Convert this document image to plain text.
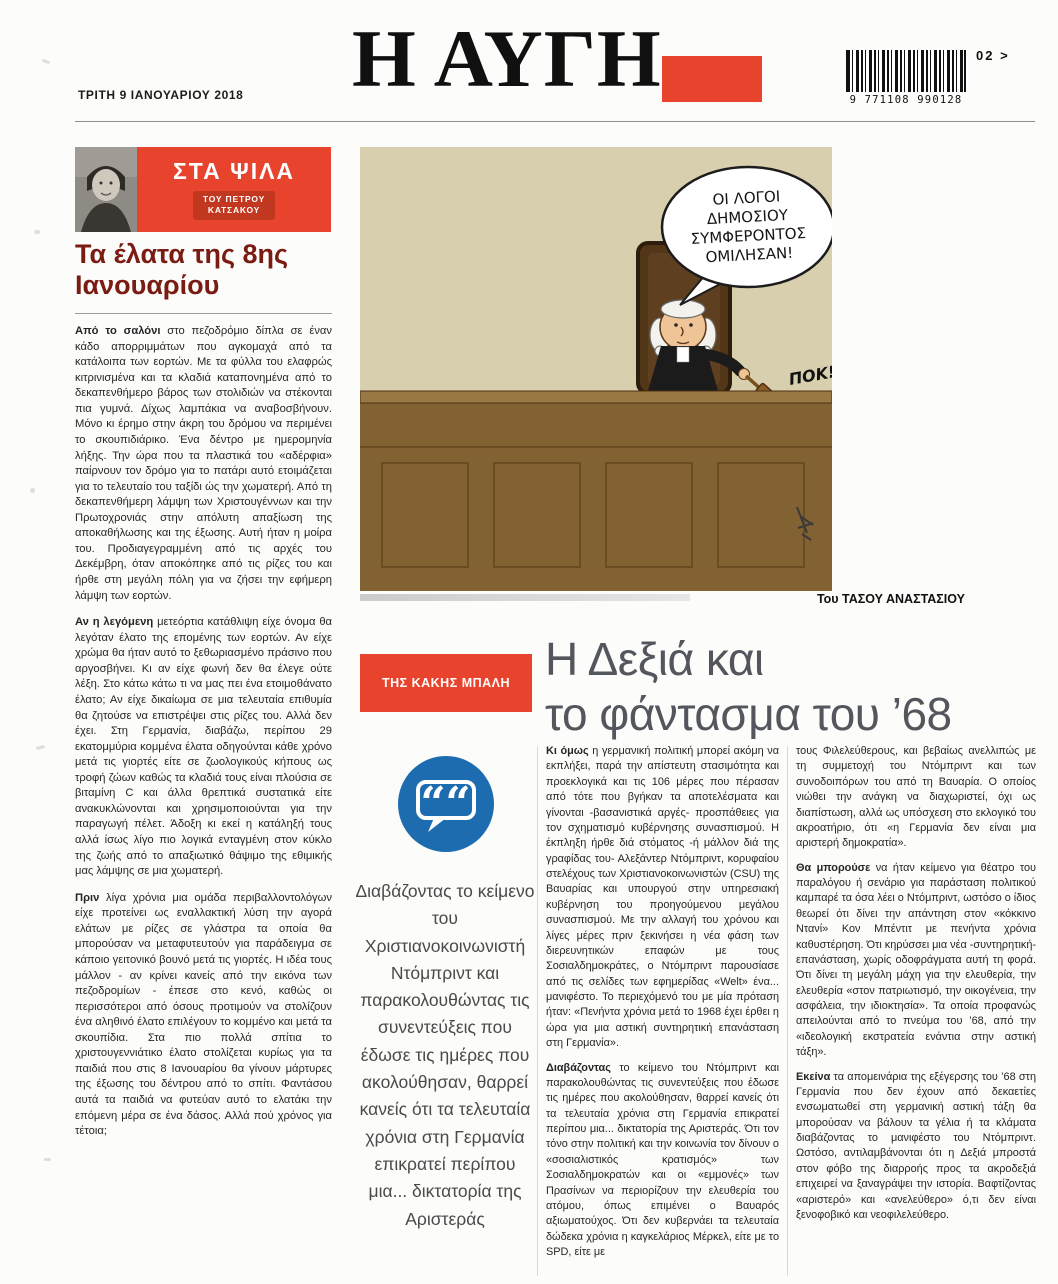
ΤΡΙΤΗ 9 ΙΑΝΟΥΑΡΙΟΥ 2018 Η ΑΥΓΗ	9 771108 990128
02 >
ΣΤΑ ΨΙΛΑ
ΤΟΥ ΠΕΤΡΟΥ
ΚΑΤΣΑΚΟΥ
Τα έλατα της 8ης Ιανουαρίου

Από το σαλόνι στο πεζοδρόμιο δίπλα σε έναν κάδο απορριμμάτων που αγκομαχά από τα κατάλοιπα των εορτών. Με τα φύλλα του ελαφρώς κιτρινισμένα και τα κλαδιά καταπονημένα από το δεκαπενθήμερο βάρος των στολιδιών να στέκονται πια γυμνά. Δίχως λαμπάκια να αναβοσβήνουν. Μόνο κι έρημο στην άκρη του δρόμου να περιμένει το σκουπιδιάρικο. Ένα δέντρο με ημερομηνία λήξης. Την ώρα που τα πλαστικά του «αδέρφια» παίρνουν τον δρόμο για το πατάρι αυτό ετοιμάζεται για το τελευταίο του ταξίδι ώς την χωματερή. Από τη δεκαπενθήμερη λάμψη των Χριστουγέννων και την Πρωτοχρονιάς στην απόλυτη απαξίωση της αποκαθήλωσης και της έξωσης. Αυτή ήταν η μοίρα του. Προδιαγεγραμμένη από τις αρχές του Δεκέμβρη, όταν αποκόπηκε από τις ρίζες του και ήρθε στη μεγάλη πόλη για να ζήσει την εφήμερη λάμψη των εορτών.

Αν η λεγόμενη μετεόρτια κατάθλιψη είχε όνομα θα λεγόταν έλατο της επομένης των εορτών. Αν είχε χρώμα θα ήταν αυτό το ξεθωριασμένο πράσινο που αργοσβήνει. Κι αν είχε φωνή δεν θα έλεγε ούτε λέξη. Στο κάτω κάτω τι να μας πει ένα ετοιμοθάνατο έλατο; Αν είχε δικαίωμα σε μια τελευταία επιθυμία θα ζητούσε να επιστρέψει στις ρίζες του. Αλλά δεν έχει. Στη Γερμανία, διαβάζω, περίπου 29 εκατομμύρια κομμένα έλατα οδηγούνται κάθε χρόνο μετά τις γιορτές είτε σε ζωολογικούς κήπους ως τροφή ζώων καθώς τα κλαδιά τους είναι πλούσια σε βιταμίνη C και άλλα θρεπτικά συστατικά είτε ανακυκλώνονται και χρησιμοποιούνται για την παραγωγή πέλετ. Άδοξη κι εκεί η κατάληξή τους αλλά ίσως λίγο πιο λογικά ενταγμένη στον κύκλο της ζωής από το απαξιωτικό θάψιμο της εθιμικής μας λάμψης σε μια χωματερή.

Πριν λίγα χρόνια μια ομάδα περιβαλλοντολόγων είχε προτείνει ως εναλλακτική λύση την αγορά ελάτων με ρίζες σε γλάστρα τα οποία θα μπορούσαν να μεταφυτευτούν για παράδειγμα σε κάποιο γειτονικό βουνό μετά τις γιορτές. Η ιδέα τους μάλλον - αν κρίνει κανείς από την εικόνα των πεζοδρομίων - έπεσε στο κενό, καθώς οι περισσότεροι από όσους προτιμούν να στολίζουν ένα αληθινό έλατο επιλέγουν το κομμένο και μετά τα σκουπίδια. Στα πιο πολλά σπίτια το χριστουγεννιάτικο έλατο στολίζεται κυρίως για τα παιδιά που στις 8 Ιανουαρίου θα γίνουν μάρτυρες της έξωσης του δέντρου από το σπίτι. Φαντάσου αυτά τα παιδιά να φυτεύαν αυτό το ελατάκι την επόμενη μέρα σε ένα δάσος. Αλλά πού χρόνος για τέτοια;

ΠΟΚ!
ΟΙ ΛΟΓΟΙ
ΔΗΜΟΣΙΟΥ
ΣΥΜΦΕΡΟΝΤΟΣ
ΟΜΙΛΗΣΑΝ!
Του ΤΑΣΟΥ ΑΝΑΣΤΑΣΙΟΥ
ΤΗΣ ΚΑΚΗΣ ΜΠΑΛΗ Η Δεξιά και
το φάντασμα του ’68
“ “
Διαβάζοντας το κείμενο του Χριστιανοκοινωνιστή Ντόμπριντ και παρακολουθώντας τις συνεντεύξεις που έδωσε τις ημέρες που ακολούθησαν, θαρρεί κανείς ότι τα τελευταία χρόνια στη Γερμανία επικρατεί περίπου μια... δικτατορία της Αριστεράς

Κι όμως η γερμανική πολιτική μπορεί ακόμη να εκπλήξει, παρά την απίστευτη στασιμότητα και προεκλογικά και τις 106 μέρες που πέρασαν από τότε που βγήκαν τα αποτελέσματα και γίνονται -βασανιστικά αργές- προσπάθειες για τον σχηματισμό κυβέρνησης συνασπισμού. Η έκπληξη ήρθε διά στόματος -ή μάλλον διά της γραφίδας του- Αλεξάντερ Ντόμπριντ, κορυφαίου στελέχους των Χριστιανοκοινωνιστών (CSU) της Βαυαρίας και υπουργού στην υπηρεσιακή κυβέρνηση του προηγούμενου μεγάλου συνασπισμού. Με την αλλαγή του χρόνου και λίγες μέρες πριν ξεκινήσει η νέα φάση των διερευνητικών επαφών με τους Σοσιαλδημοκράτες, ο Ντόμπριντ παρουσίασε από τις σελίδες των εφημερίδας «Welt» ένα... μανιφέστο. Το περιεχόμενό του με μία πρόταση ήταν: «Πενήντα χρόνια μετά το 1968 έχει έρθει η ώρα για μια αστική συντηρητική επανάσταση στη Γερμανία».

Διαβάζοντας το κείμενο του Ντόμπριντ και παρακολουθώντας τις συνεντεύξεις που έδωσε τις ημέρες που ακολούθησαν, θαρρεί κανείς ότι τα τελευταία χρόνια στη Γερμανία επικρατεί περίπου μια... δικτατορία της Αριστεράς. Ότι τον τόνο στην πολιτική και την κοινωνία τον δίνουν ο «σοσιαλιστικός κρατισμός» των Σοσιαλδημοκρατών και οι «εμμονές» των Πρασίνων να περιορίζουν την ελευθερία του ατόμου, όπως επιμένει ο Βαυαρός αξιωματούχος. Ότι δεν κυβερνάει τα τελευταία δώδεκα χρόνια η καγκελάριος Μέρκελ, είτε με το SPD, είτε με

τους Φιλελεύθερους, και βεβαίως ανελλιπώς με τη συμμετοχή του Ντόμπριντ και των συνοδοιπόρων του από τη Βαυαρία. Ο οποίος νιώθει την ανάγκη να διαχωριστεί, όχι ως διαπίστωση, αλλά ως υπόσχεση στο εκλογικό του ακροατήριο, ότι «η Γερμανία δεν είναι μια αριστερή δημοκρατία».

Θα μπορούσε να ήταν κείμενο για θέατρο του παραλόγου ή σενάριο για παράσταση πολιτικού καμπαρέ τα όσα λέει ο Ντόμπριντ, ωστόσο ο ίδιος θεωρεί ότι δίνει την απάντηση στον «κόκκινο Ντανί» Κον Μπέντιτ με πενήντα χρόνια καθυστέρηση. Ότι κηρύσσει μια νέα -συντηρητική- επανάσταση, χωρίς οδοφράγματα αυτή τη φορά. Ότι δίνει τη μεγάλη μάχη για την ελευθερία, την ελευθερία «στον πατριωτισμό, την οικογένεια, την ασφάλεια, την ιδιοκτησία». Τα οποία προφανώς απειλούνται από το πνεύμα του ’68, από την «ιδεολογική εκστρατεία ενάντια στην αστική τάξη».

Εκείνα τα απομεινάρια της εξέγερσης του ’68 στη Γερμανία που δεν έχουν από δεκαετίες ενσωματωθεί στη γερμανική αστική τάξη θα μπορούσαν να βάλουν τα γέλια ή τα κλάματα διαβάζοντας το μανιφέστο του Ντόμπριντ. Ωστόσο, αντιλαμβάνονται ότι η Δεξιά μπροστά στον φόβο της διαρροής προς τα ακροδεξιά επιχειρεί να ξαναγράψει την ιστορία. Βαφτίζοντας «αριστερό» και «ανελεύθερο» ό,τι δεν είναι ξενοφοβικό και νεοφιλελεύθερο.
